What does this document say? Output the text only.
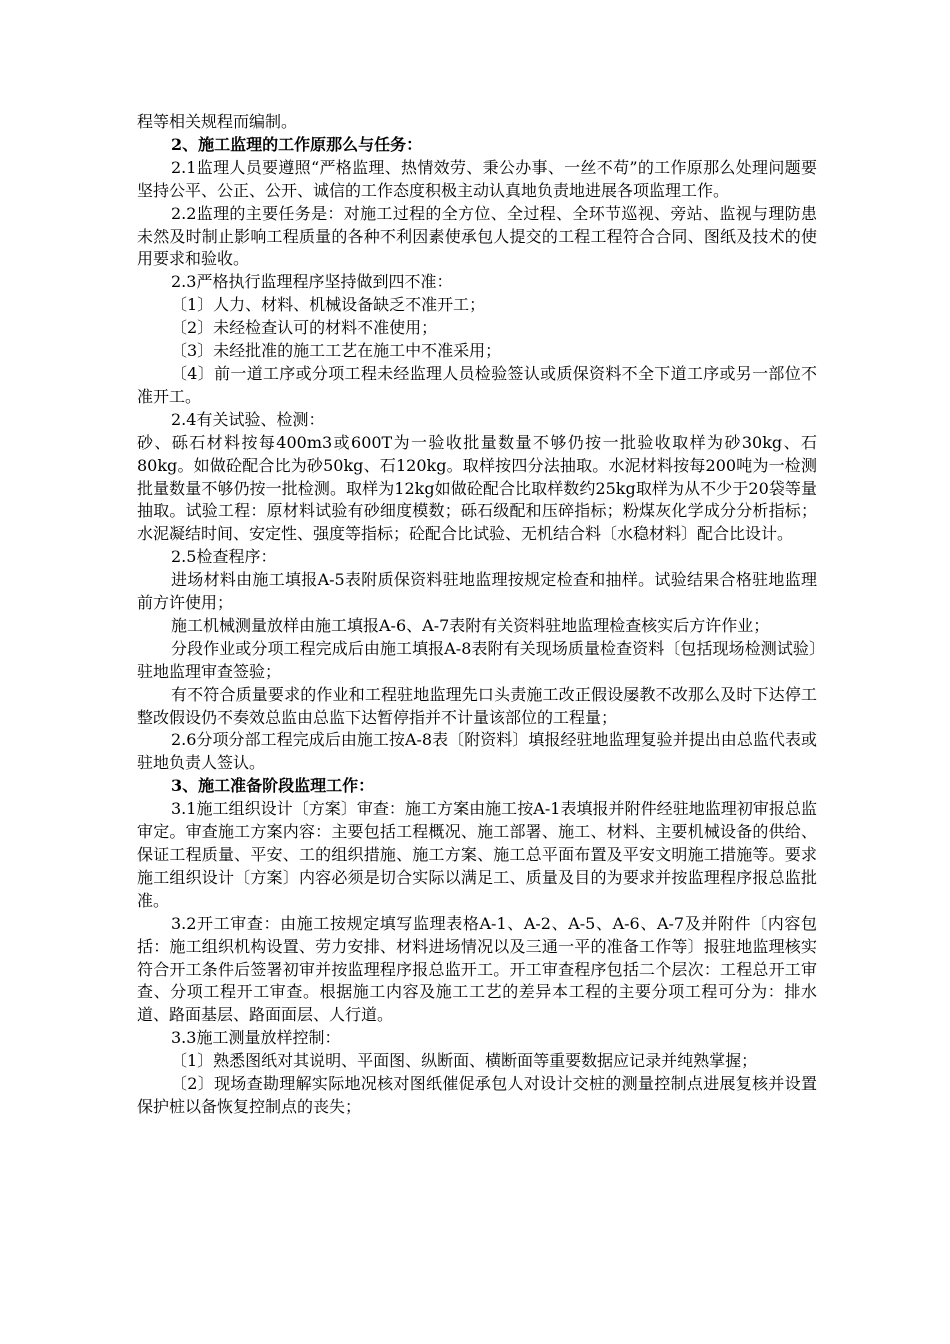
程等相关规程而编制。

2、施工监理的工作原那么与任务：

2.1监理人员要遵照“严格监理、热情效劳、秉公办事、一丝不苟”的工作原那么处理问题要坚持公平、公正、公开、诚信的工作态度积极主动认真地负责地进展各项监理工作。

2.2监理的主要任务是：对施工过程的全方位、全过程、全环节巡视、旁站、监视与理防患未然及时制止影响工程质量的各种不利因素使承包人提交的工程工程符合合同、图纸及技术的使用要求和验收。

2.3严格执行监理程序坚持做到四不准：

〔1〕人力、材料、机械设备缺乏不准开工；

〔2〕未经检查认可的材料不准使用；

〔3〕未经批准的施工工艺在施工中不准采用；

〔4〕前一道工序或分项工程未经监理人员检验签认或质保资料不全下道工序或另一部位不准开工。

2.4有关试验、检测：

砂、砾石材料按每400m3或600T为一验收批量数量不够仍按一批验收取样为砂30kg、石80kg。如做砼配合比为砂50kg、石120kg。取样按四分法抽取。水泥材料按每200吨为一检测批量数量不够仍按一批检测。取样为12kg如做砼配合比取样数约25kg取样为从不少于20袋等量抽取。试验工程：原材料试验有砂细度模数；砾石级配和压碎指标；粉煤灰化学成分分析指标；水泥凝结时间、安定性、强度等指标；砼配合比试验、无机结合料〔水稳材料〕配合比设计。

2.5检查程序：

进场材料由施工填报A-5表附质保资料驻地监理按规定检查和抽样。试验结果合格驻地监理前方许使用；

施工机械测量放样由施工填报A-6、A-7表附有关资料驻地监理检查核实后方许作业；

分段作业或分项工程完成后由施工填报A-8表附有关现场质量检查资料〔包括现场检测试验〕驻地监理审查签验；

有不符合质量要求的作业和工程驻地监理先口头责施工改正假设屡教不改那么及时下达停工整改假设仍不奏效总监由总监下达暂停指并不计量该部位的工程量；

2.6分项分部工程完成后由施工按A-8表〔附资料〕填报经驻地监理复验并提出由总监代表或驻地负责人签认。

3、施工准备阶段监理工作：

3.1施工组织设计〔方案〕审查：施工方案由施工按A-1表填报并附件经驻地监理初审报总监审定。审查施工方案内容：主要包括工程概况、施工部署、施工、材料、主要机械设备的供给、保证工程质量、平安、工的组织措施、施工方案、施工总平面布置及平安文明施工措施等。要求施工组织设计〔方案〕内容必须是切合实际以满足工、质量及目的为要求并按监理程序报总监批准。

3.2开工审查：由施工按规定填写监理表格A-1、A-2、A-5、A-6、A-7及并附件〔内容包括：施工组织机构设置、劳力安排、材料进场情况以及三通一平的准备工作等〕报驻地监理核实符合开工条件后签署初审并按监理程序报总监开工。开工审查程序包括二个层次：工程总开工审查、分项工程开工审查。根据施工内容及施工工艺的差异本工程的主要分项工程可分为：排水道、路面基层、路面面层、人行道。

3.3施工测量放样控制：

〔1〕熟悉图纸对其说明、平面图、纵断面、横断面等重要数据应记录并纯熟掌握；

〔2〕现场查勘理解实际地况核对图纸催促承包人对设计交桩的测量控制点进展复核并设置保护桩以备恢复控制点的丧失；
